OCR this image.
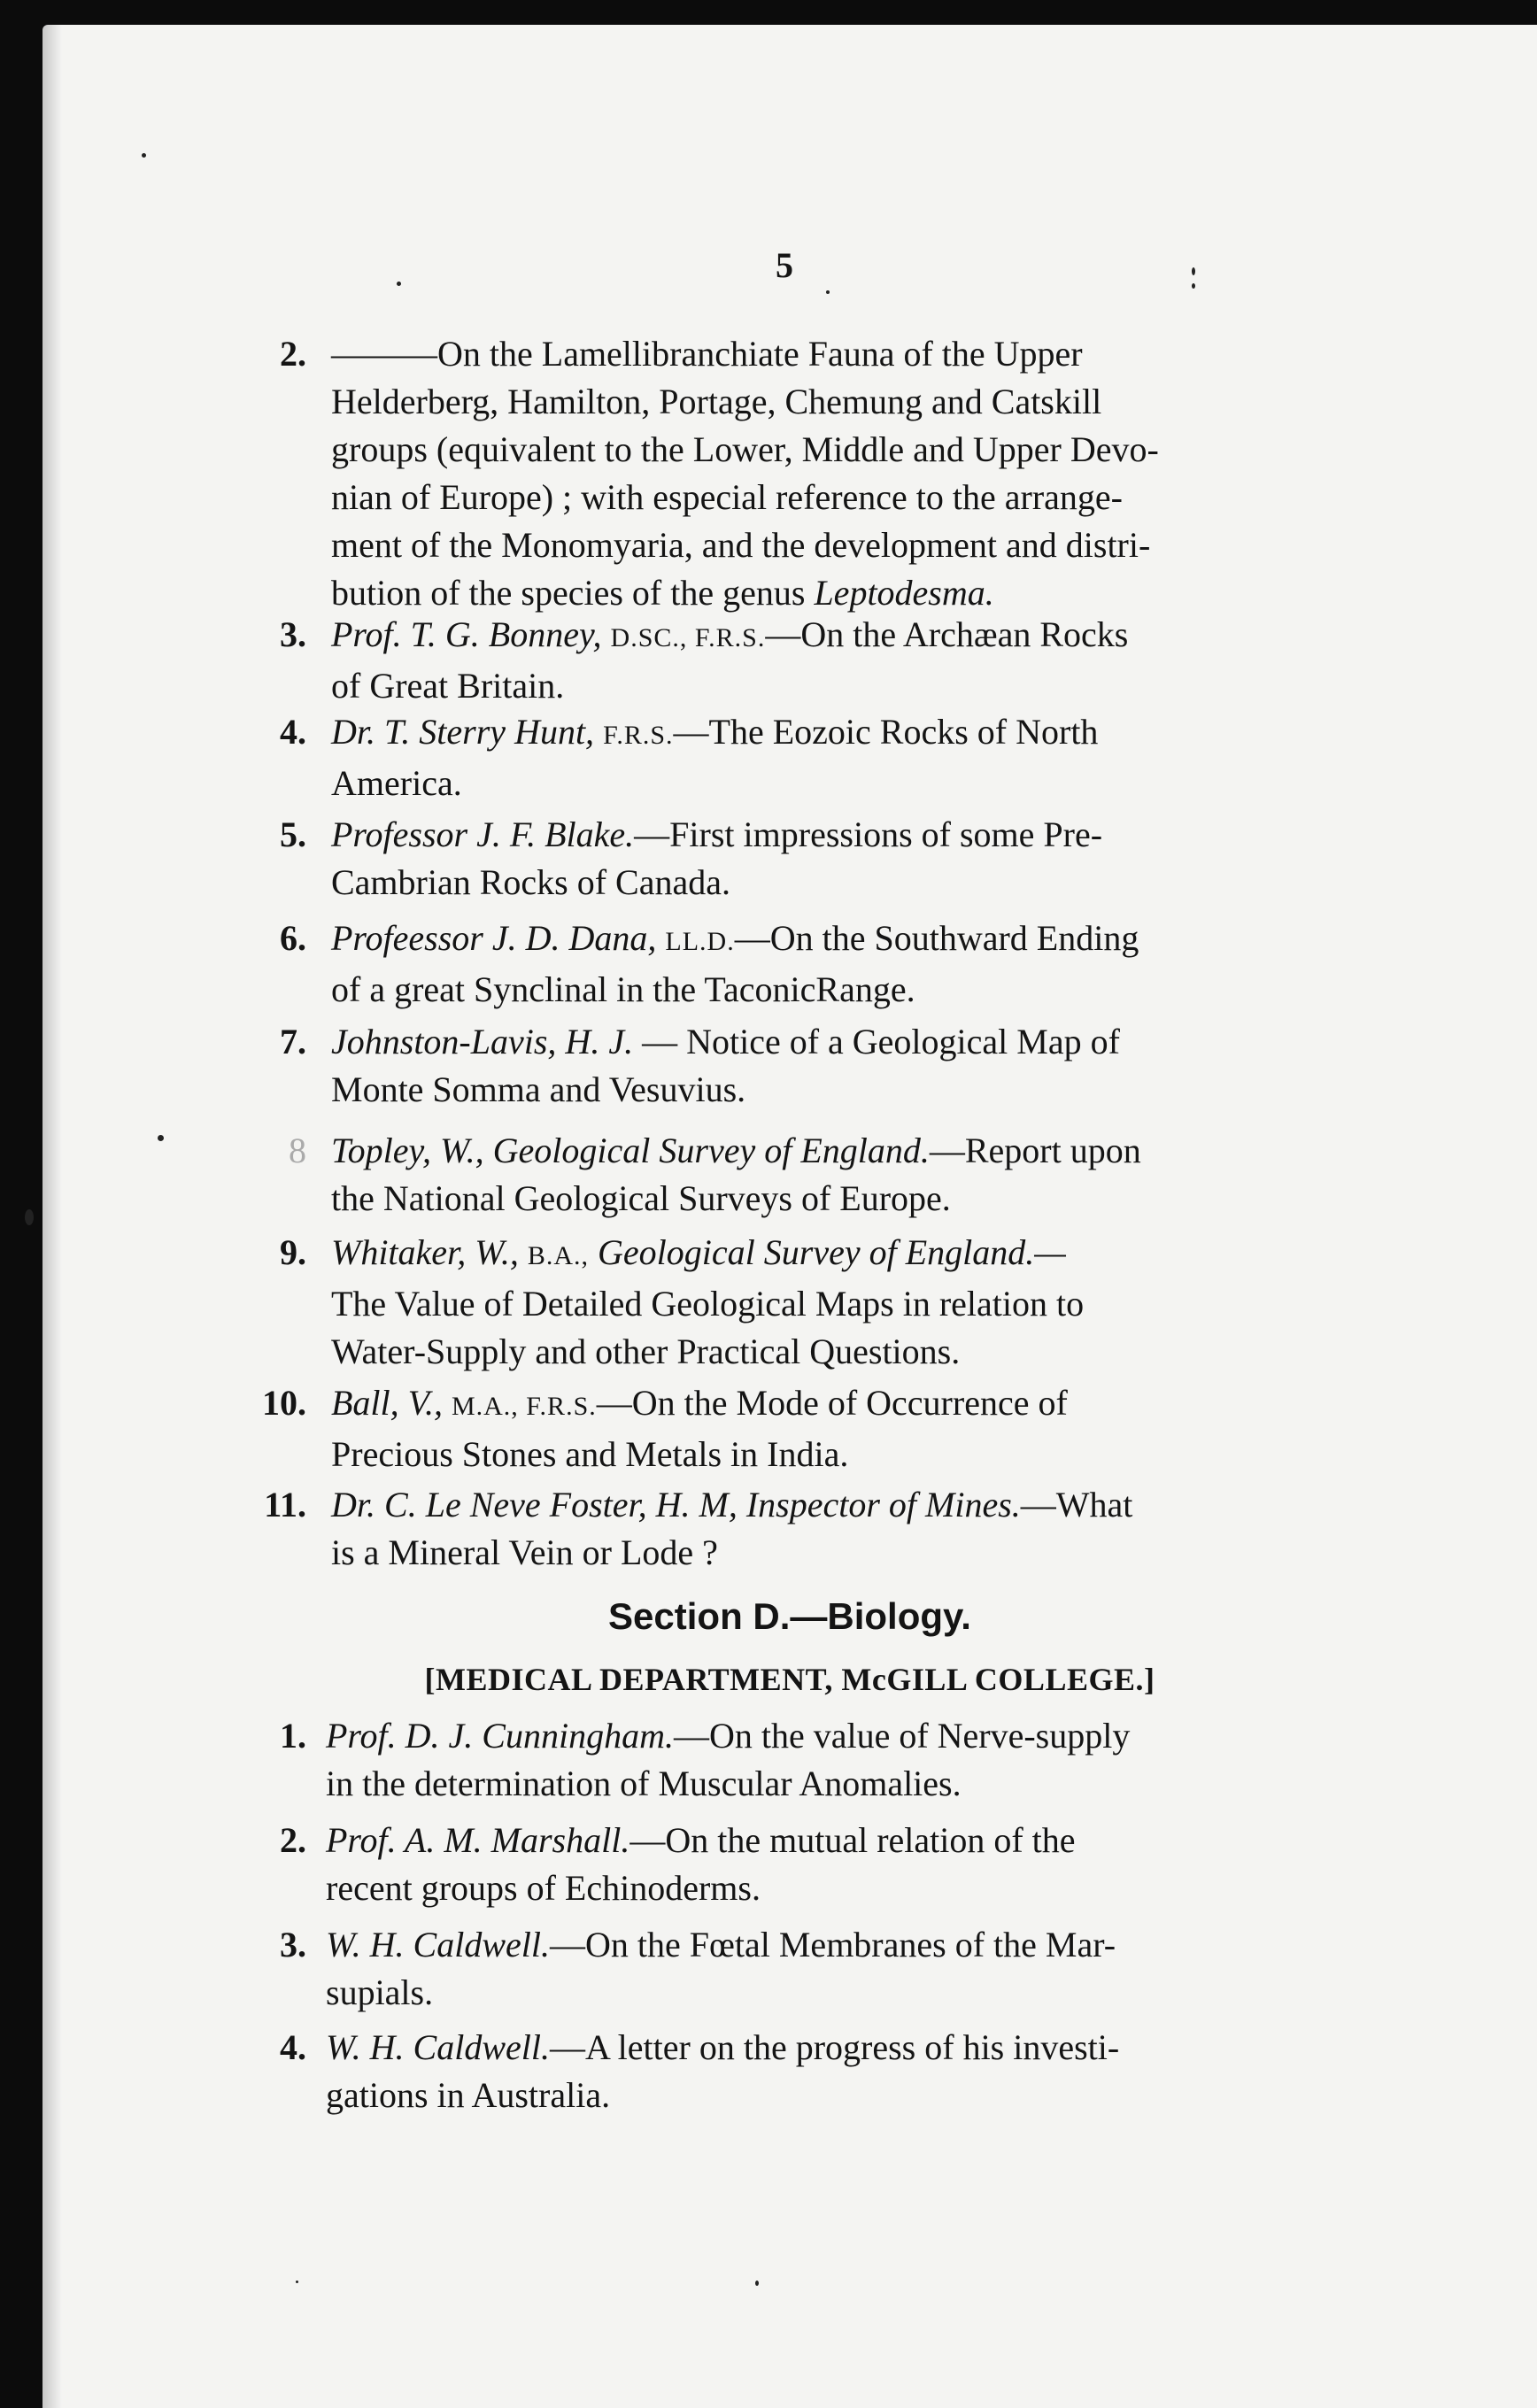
5
2. ———On the Lamellibranchiate Fauna of the Upper
Helderberg, Hamilton, Portage, Chemung and Catskill
groups (equivalent to the Lower, Middle and Upper Devo-
nian of Europe) ; with especial reference to the arrange-
ment of the Monomyaria, and the development and distri-
bution of the species of the genus Leptodesma.
3. Prof. T. G. Bonney, D.SC., F.R.S.—On the Archæan Rocks
of Great Britain.
4. Dr. T. Sterry Hunt, F.R.S.—The Eozoic Rocks of North
America.
5. Professor J. F. Blake.—First impressions of some Pre-
Cambrian Rocks of Canada.
6. Profeessor J. D. Dana, LL.D.—On the Southward Ending
of a great Synclinal in the TaconicRange.
7. Johnston-Lavis, H. J. — Notice of a Geological Map of
Monte Somma and Vesuvius.
8 Topley, W., Geological Survey of England.—Report upon
the National Geological Surveys of Europe.
9. Whitaker, W., B.A., Geological Survey of England.—
The Value of Detailed Geological Maps in relation to
Water-Supply and other Practical Questions.
10. Ball, V., M.A., F.R.S.—On the Mode of Occurrence of
Precious Stones and Metals in India.
11. Dr. C. Le Neve Foster, H. M, Inspector of Mines.—What
is a Mineral Vein or Lode ?
Section D.—Biology.
[MEDICAL DEPARTMENT, McGILL COLLEGE.]
1. Prof. D. J. Cunningham.—On the value of Nerve-supply
in the determination of Muscular Anomalies.
2. Prof. A. M. Marshall.—On the mutual relation of the
recent groups of Echinoderms.
3. W. H. Caldwell.—On the Fœtal Membranes of the Mar-
supials.
4. W. H. Caldwell.—A letter on the progress of his investi-
gations in Australia.
